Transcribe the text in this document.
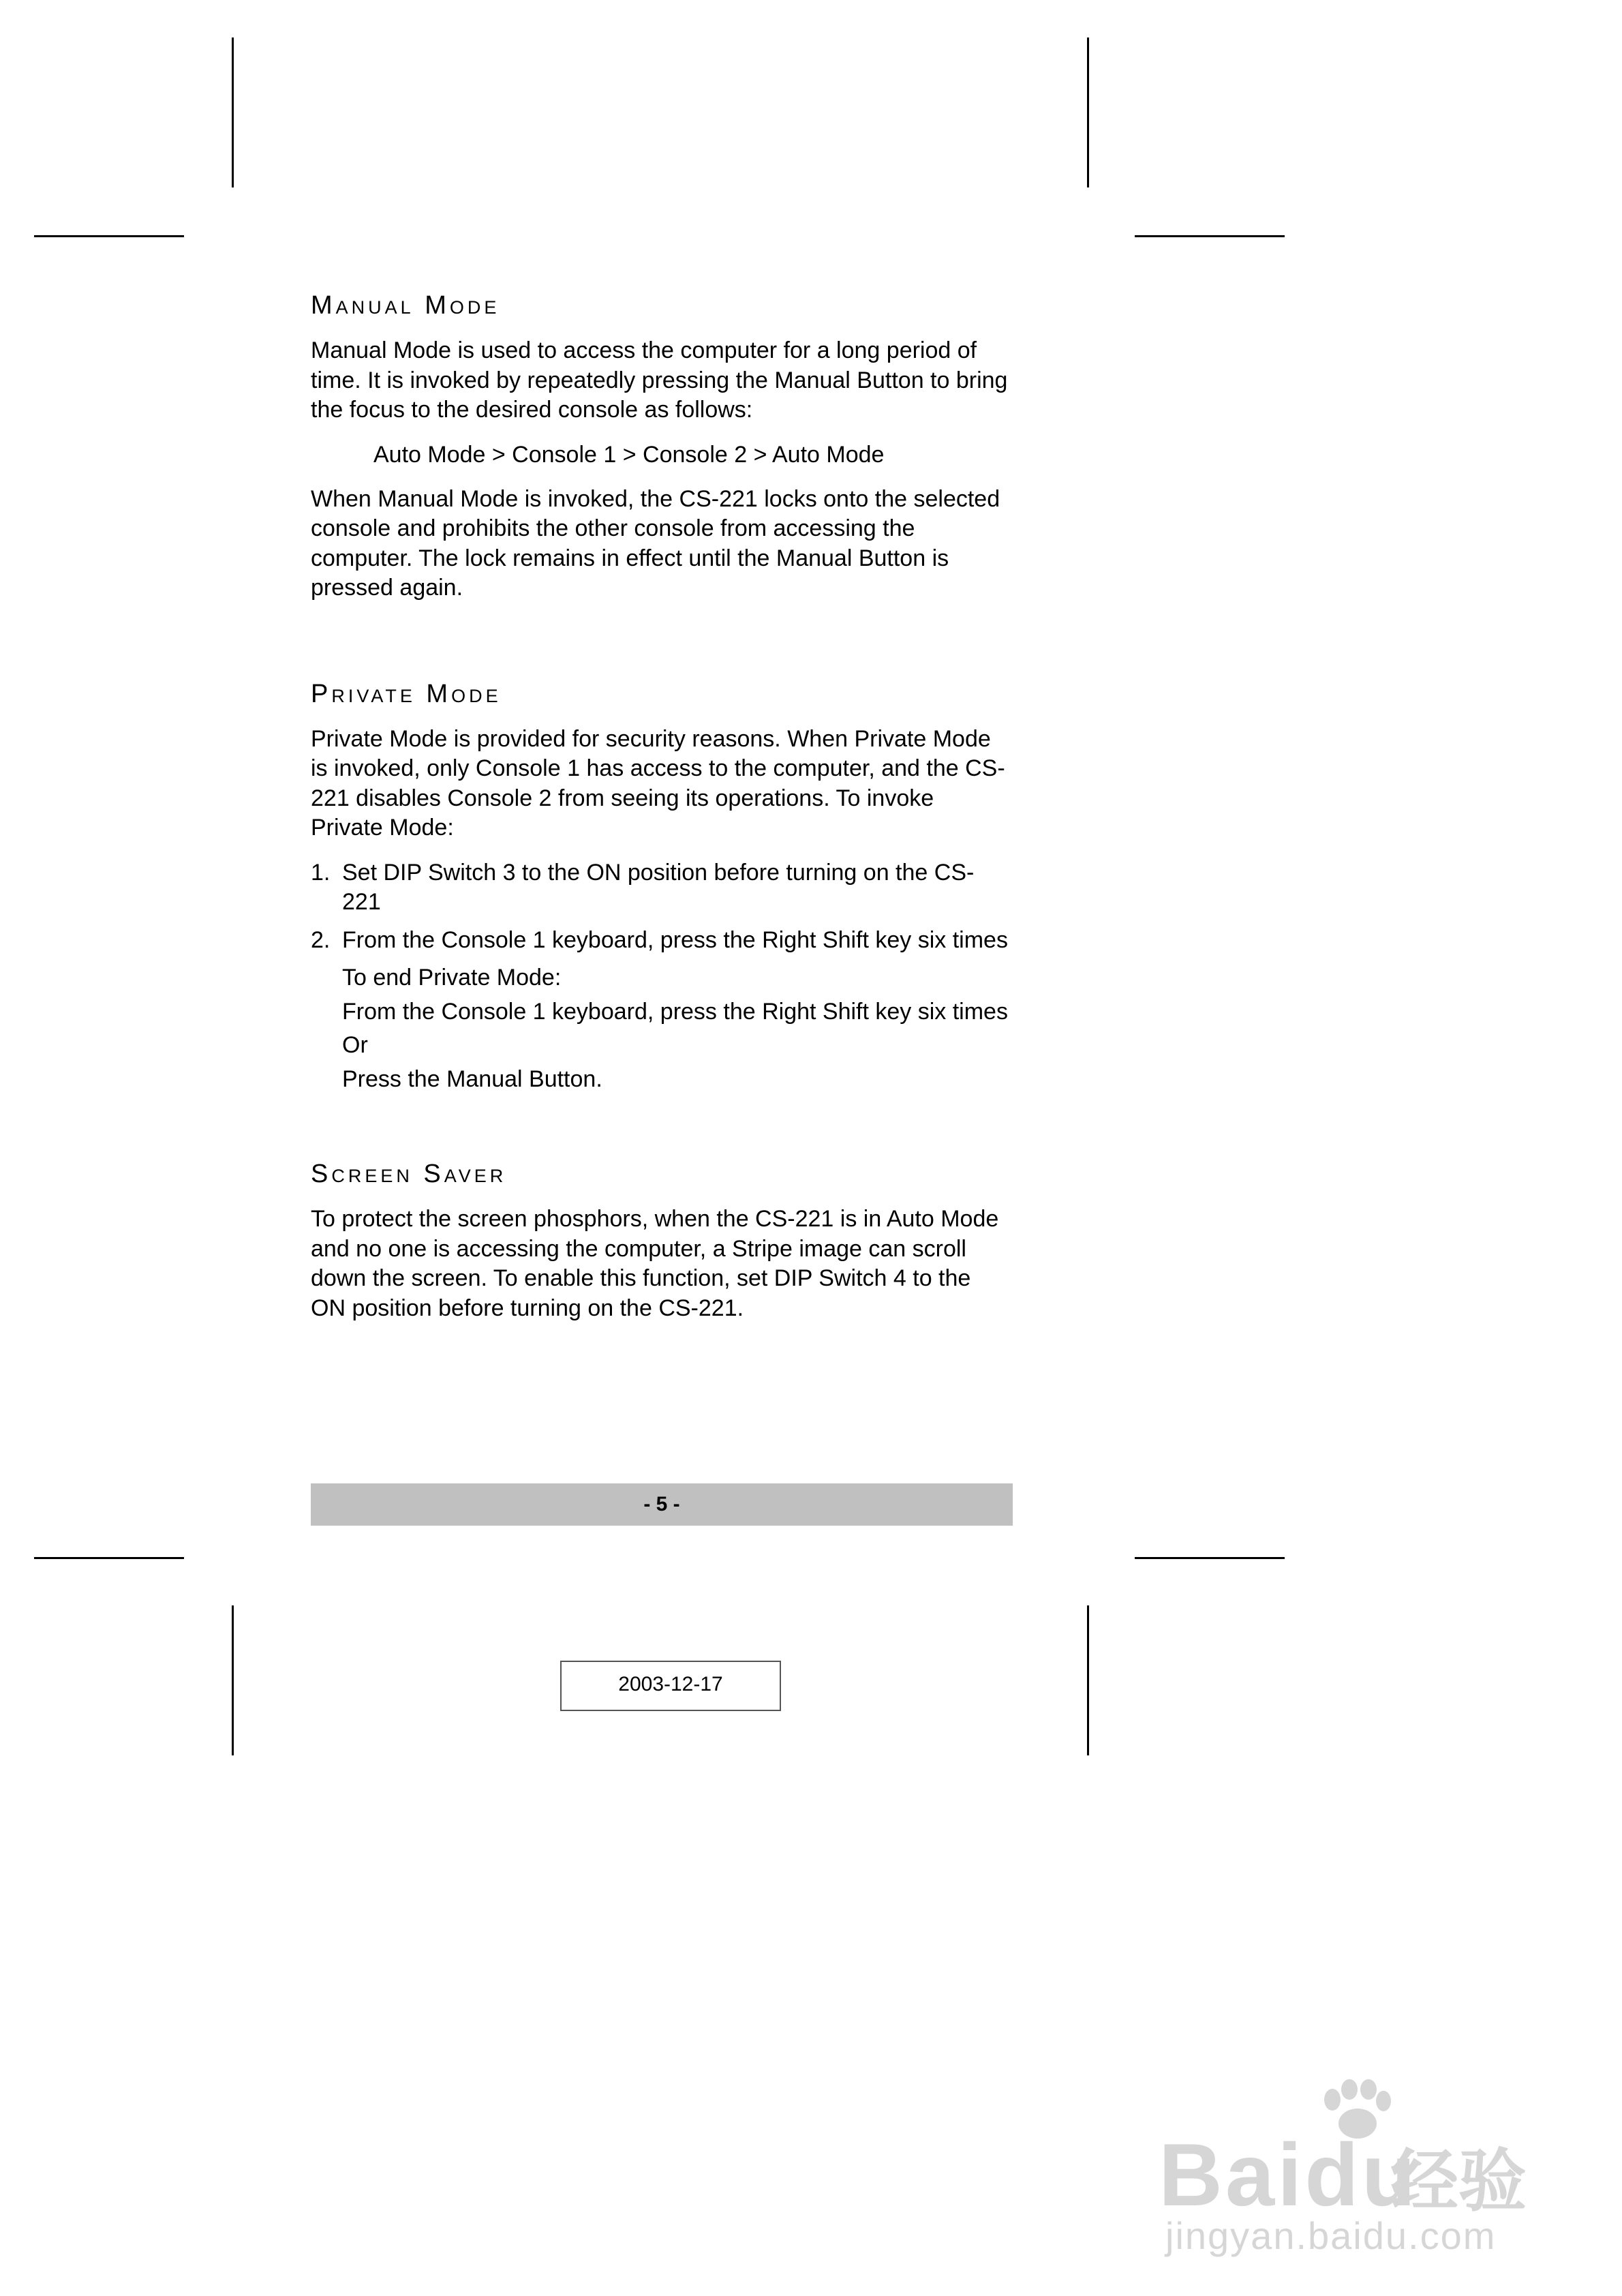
Manual Mode

Manual Mode is used to access the computer for a long period of time. It is invoked by repeatedly pressing the Manual Button to bring the focus to the desired console as follows:

Auto Mode > Console 1 > Console 2 > Auto Mode

When Manual Mode is invoked, the CS-221 locks onto the selected console and prohibits the other console from accessing the computer. The lock remains in effect until the Manual Button is pressed again.

Private Mode

Private Mode is provided for security reasons. When Private Mode is invoked, only Console 1 has access to the computer, and the CS-221 disables Console 2 from seeing its operations. To invoke Private Mode:

1. Set DIP Switch 3 to the ON position before turning on the CS-221
2. From the Console 1 keyboard, press the Right Shift key six times

To end Private Mode:

From the Console 1 keyboard, press the Right Shift key six times

Or

Press the Manual Button.

Screen Saver

To protect the screen phosphors, when the CS-221 is in Auto Mode and no one is accessing the computer, a Stripe image can scroll down the screen. To enable this function, set DIP Switch 4 to the ON position before turning on the CS-221.

- 5 -
2003-12-17
Baidu
经验
jingyan.baidu.com
